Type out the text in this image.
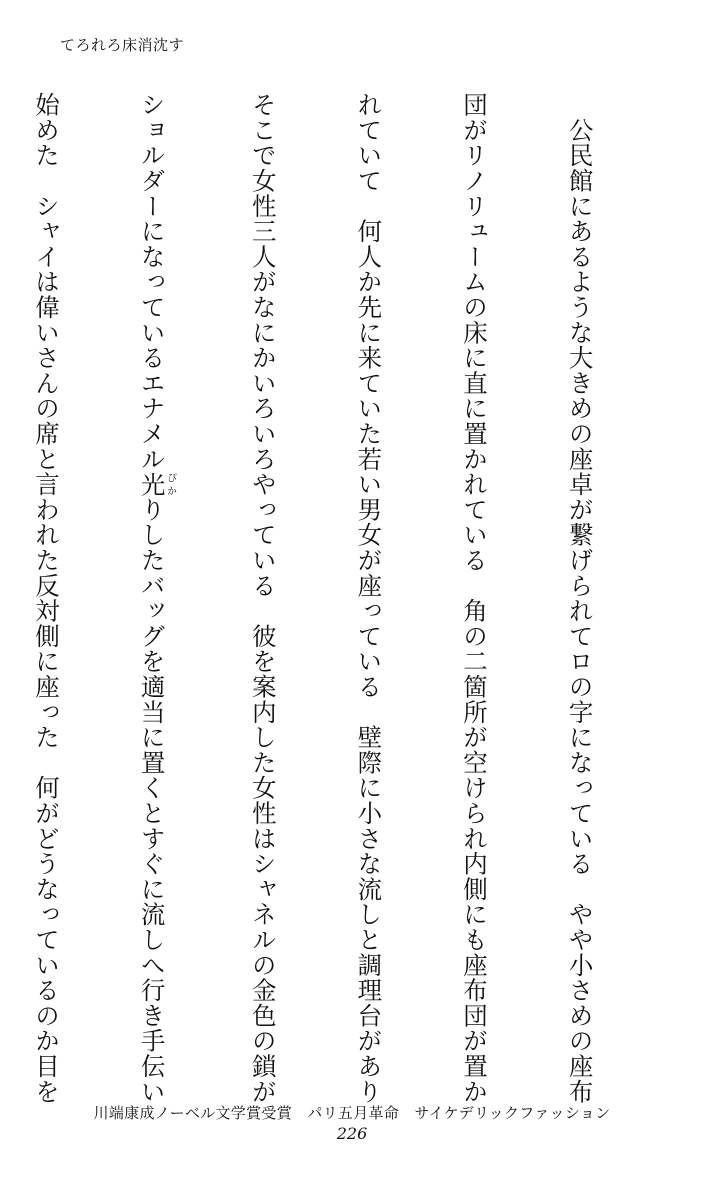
てろれろ床消沈す

　公民館にあるような大きめの座卓が繋げられてロの字になっている　やや小さめの座布

団がリノリュームの床に直に置かれている　角の二箇所が空けられ内側にも座布団が置か

れていて　何人か先に来ていた若い男女が座っている　壁際に小さな流しと調理台があり

そこで女性三人がなにかいろいろやっている　彼を案内した女性はシャネルの金色の鎖が

ショルダーになっているエナメル光ぴかりしたバッグを適当に置くとすぐに流しへ行き手伝い

始めた　シャイは偉いさんの席と言われた反対側に座った　何がどうなっているのか目を

川端康成ノーベル文学賞受賞　パリ五月革命　サイケデリックファッション
226
